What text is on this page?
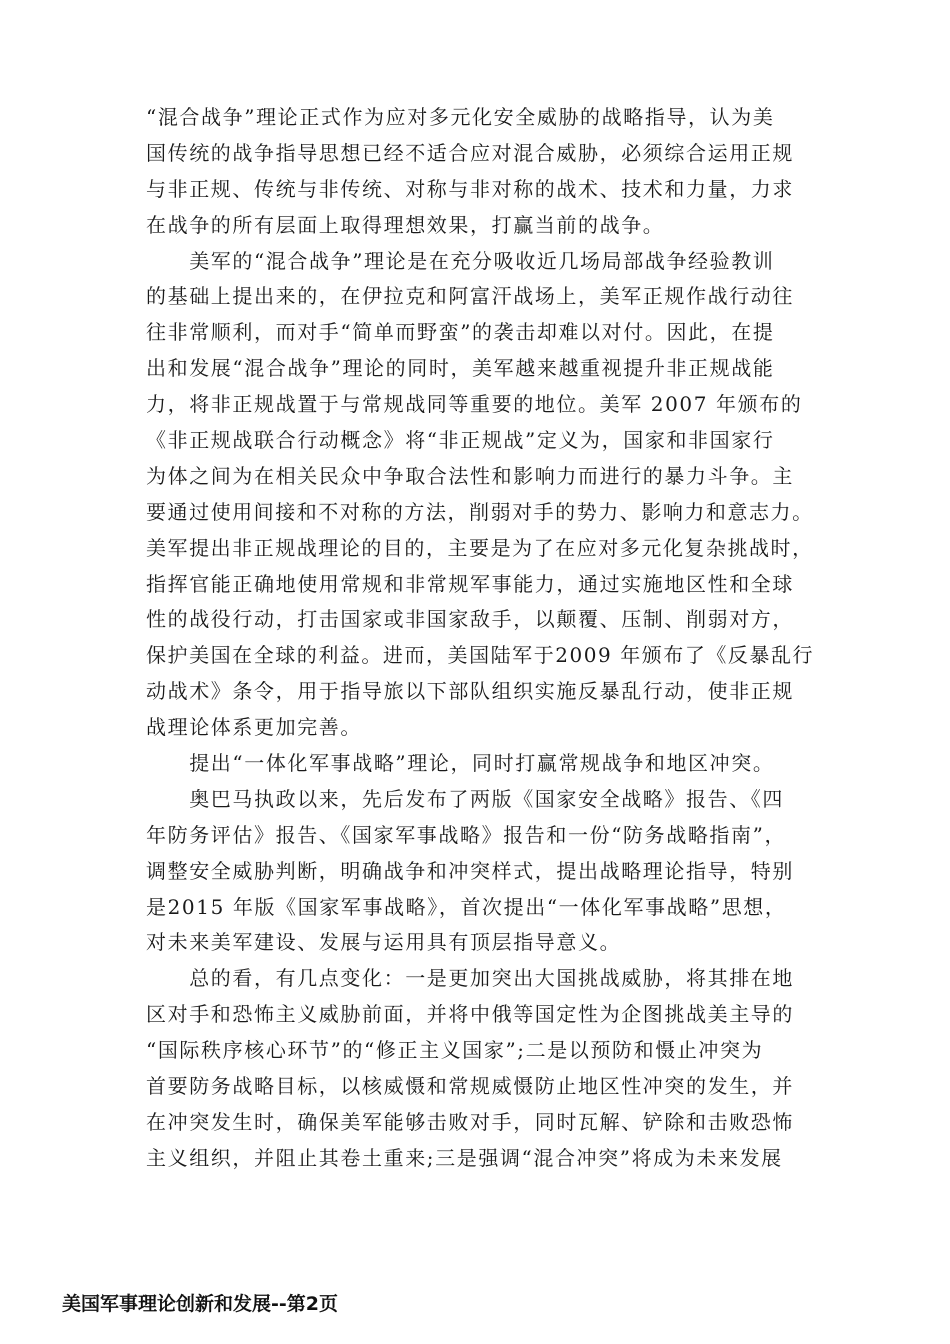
“混合战争”理论正式作为应对多元化安全威胁的战略指导，认为美
国传统的战争指导思想已经不适合应对混合威胁，必须综合运用正规
与非正规、传统与非传统、对称与非对称的战术、技术和力量，力求
在战争的所有层面上取得理想效果，打赢当前的战争。
　　美军的“混合战争”理论是在充分吸收近几场局部战争经验教训
的基础上提出来的，在伊拉克和阿富汗战场上，美军正规作战行动往
往非常顺利，而对手“简单而野蛮”的袭击却难以对付。因此，在提
出和发展“混合战争”理论的同时，美军越来越重视提升非正规战能
力，将非正规战置于与常规战同等重要的地位。美军 2007 年颁布的
《非正规战联合行动概念》将“非正规战”定义为，国家和非国家行
为体之间为在相关民众中争取合法性和影响力而进行的暴力斗争。主
要通过使用间接和不对称的方法，削弱对手的势力、影响力和意志力。
美军提出非正规战理论的目的，主要是为了在应对多元化复杂挑战时，
指挥官能正确地使用常规和非常规军事能力，通过实施地区性和全球
性的战役行动，打击国家或非国家敌手，以颠覆、压制、削弱对方，
保护美国在全球的利益。进而，美国陆军于2009 年颁布了《反暴乱行
动战术》条令，用于指导旅以下部队组织实施反暴乱行动，使非正规
战理论体系更加完善。
　　提出“一体化军事战略”理论，同时打赢常规战争和地区冲突。
　　奥巴马执政以来，先后发布了两版《国家安全战略》报告、《四
年防务评估》报告、《国家军事战略》报告和一份“防务战略指南”，
调整安全威胁判断，明确战争和冲突样式，提出战略理论指导，特别
是2015 年版《国家军事战略》，首次提出“一体化军事战略”思想，
对未来美军建设、发展与运用具有顶层指导意义。
　　总的看，有几点变化：一是更加突出大国挑战威胁，将其排在地
区对手和恐怖主义威胁前面，并将中俄等国定性为企图挑战美主导的
“国际秩序核心环节”的“修正主义国家”;二是以预防和慑止冲突为
首要防务战略目标，以核威慑和常规威慑防止地区性冲突的发生，并
在冲突发生时，确保美军能够击败对手，同时瓦解、铲除和击败恐怖
主义组织，并阻止其卷土重来;三是强调“混合冲突”将成为未来发展
美国军事理论创新和发展--第2页
